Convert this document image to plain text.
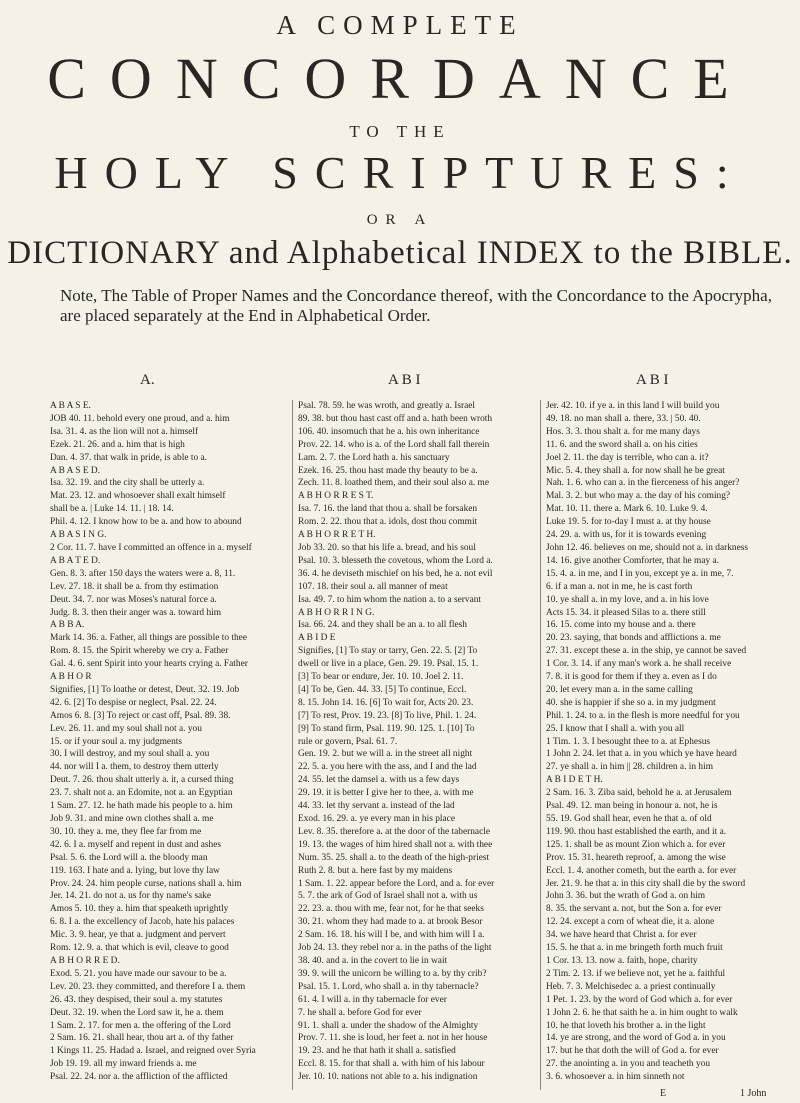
A COMPLETE
CONCORDANCE
TO THE
HOLY SCRIPTURES:
OR A
DICTIONARY and Alphabetical INDEX to the BIBLE.
Note, The Table of Proper Names and the Concordance thereof, with the Concordance to the Apocrypha, are placed separately at the End in Alphabetical Order.
A.	A B I	A B I
A B A S E.
JOB 40. 11. behold every one proud, and a. him
Isa. 31. 4. as the lion will not a. himself
Ezek. 21. 26. and a. him that is high
Dan. 4. 37. that walk in pride, is able to a.
A B A S E D.
Isa. 32. 19. and the city shall be utterly a.
Mat. 23. 12. and whosoever shall exalt himself
shall be a. | Luke 14. 11. | 18. 14.
Phil. 4. 12. I know how to be a. and how to abound
A B A S I N G.
2 Cor. 11. 7. have I committed an offence in a. myself
A B A T E D.
Gen. 8. 3. after 150 days the waters were a. 8, 11.
Lev. 27. 18. it shall be a. from thy estimation
Deut. 34. 7. nor was Moses's natural force a.
Judg. 8. 3. then their anger was a. toward him
A B B A.
Mark 14. 36. a. Father, all things are possible to thee
Rom. 8. 15. the Spirit whereby we cry a. Father
Gal. 4. 6. sent Spirit into your hearts crying a. Father
A B H O R
Signifies, [1] To loathe or detest, Deut. 32. 19. Job
42. 6. [2] To despise or neglect, Psal. 22. 24.
Amos 6. 8. [3] To reject or cast off, Psal. 89. 38.
Lev. 26. 11. and my soul shall not a. you
15. or if your soul a. my judgments
30. I will destroy, and my soul shall a. you
44. nor will I a. them, to destroy them utterly
Deut. 7. 26. thou shalt utterly a. it, a cursed thing
23. 7. shalt not a. an Edomite, not a. an Egyptian
1 Sam. 27. 12. he hath made his people to a. him
Job 9. 31. and mine own clothes shall a. me
30. 10. they a. me, they flee far from me
42. 6. I a. myself and repent in dust and ashes
Psal. 5. 6. the Lord will a. the bloody man
119. 163. I hate and a. lying, but love thy law
Prov. 24. 24. him people curse, nations shall a. him
Jer. 14. 21. do not a. us for thy name's sake
Amos 5. 10. they a. him that speaketh uprightly
6. 8. I a. the excellency of Jacob, hate his palaces
Mic. 3. 9. hear, ye that a. judgment and pervert
Rom. 12. 9. a. that which is evil, cleave to good
A B H O R R E D.
Exod. 5. 21. you have made our savour to be a.
Lev. 20. 23. they committed, and therefore I a. them
26. 43. they despised, their soul a. my statutes
Deut. 32. 19. when the Lord saw it, he a. them
1 Sam. 2. 17. for men a. the offering of the Lord
2 Sam. 16. 21. shall hear, thou art a. of thy father
1 Kings 11. 25. Hadad a. Israel, and reigned over Syria
Job 19. 19. all my inward friends a. me
Psal. 22. 24. nor a. the affliction of the afflicted
Psal. 78. 59. he was wroth, and greatly a. Israel
89. 38. but thou hast cast off and a. hath been wroth
106. 40. insomuch that he a. his own inheritance
Prov. 22. 14. who is a. of the Lord shall fall therein
Lam. 2. 7. the Lord hath a. his sanctuary
Ezek. 16. 25. thou hast made thy beauty to be a.
Zech. 11. 8. loathed them, and their soul also a. me
A B H O R R E S T.
Isa. 7. 16. the land that thou a. shall be forsaken
Rom. 2. 22. thou that a. idols, dost thou commit
A B H O R R E T H.
Job 33. 20. so that his life a. bread, and his soul
Psal. 10. 3. blesseth the covetous, whom the Lord a.
36. 4. he deviseth mischief on his bed, he a. not evil
107. 18. their soul a. all manner of meat
Isa. 49. 7. to him whom the nation a. to a servant
A B H O R R I N G.
Isa. 66. 24. and they shall be an a. to all flesh
A B I D E
Signifies, [1] To stay or tarry, Gen. 22. 5. [2] To
dwell or live in a place, Gen. 29. 19. Psal. 15. 1.
[3] To bear or endure, Jer. 10. 10. Joel 2. 11.
[4] To be, Gen. 44. 33. [5] To continue, Eccl.
8. 15. John 14. 16. [6] To wait for, Acts 20. 23.
[7] To rest, Prov. 19. 23. [8] To live, Phil. 1. 24.
[9] To stand firm, Psal. 119. 90. 125. 1. [10] To
rule or govern, Psal. 61. 7.
Gen. 19. 2. but we will a. in the street all night
22. 5. a. you here with the ass, and I and the lad
24. 55. let the damsel a. with us a few days
29. 19. it is better I give her to thee, a. with me
44. 33. let thy servant a. instead of the lad
Exod. 16. 29. a. ye every man in his place
Lev. 8. 35. therefore a. at the door of the tabernacle
19. 13. the wages of him hired shall not a. with thee
Num. 35. 25. shall a. to the death of the high-priest
Ruth 2. 8. but a. here fast by my maidens
1 Sam. 1. 22. appear before the Lord, and a. for ever
5. 7. the ark of God of Israel shall not a. with us
22. 23. a. thou with me, fear not, for he that seeks
30. 21. whom they had made to a. at brook Besor
2 Sam. 16. 18. his will I be, and with him will I a.
Job 24. 13. they rebel nor a. in the paths of the light
38. 40. and a. in the covert to lie in wait
39. 9. will the unicorn be willing to a. by thy crib?
Psal. 15. 1. Lord, who shall a. in thy tabernacle?
61. 4. I will a. in thy tabernacle for ever
7. he shall a. before God for ever
91. 1. shall a. under the shadow of the Almighty
Prov. 7. 11. she is loud, her feet a. not in her house
19. 23. and he that hath it shall a. satisfied
Eccl. 8. 15. for that shall a. with him of his labour
Jer. 10. 10. nations not able to a. his indignation
Jer. 42. 10. if ye a. in this land I will build you
49. 18. no man shall a. there, 33. | 50. 40.
Hos. 3. 3. thou shalt a. for me many days
11. 6. and the sword shall a. on his cities
Joel 2. 11. the day is terrible, who can a. it?
Mic. 5. 4. they shall a. for now shall he be great
Nah. 1. 6. who can a. in the fierceness of his anger?
Mal. 3. 2. but who may a. the day of his coming?
Mat. 10. 11. there a. Mark 6. 10. Luke 9. 4.
Luke 19. 5. for to-day I must a. at thy house
24. 29. a. with us, for it is towards evening
John 12. 46. believes on me, should not a. in darkness
14. 16. give another Comforter, that he may a.
15. 4. a. in me, and I in you, except ye a. in me, 7.
6. if a man a. not in me, he is cast forth
10. ye shall a. in my love, and a. in his love
Acts 15. 34. it pleased Silas to a. there still
16. 15. come into my house and a. there
20. 23. saying, that bonds and afflictions a. me
27. 31. except these a. in the ship, ye cannot be saved
1 Cor. 3. 14. if any man's work a. he shall receive
7. 8. it is good for them if they a. even as I do
20. let every man a. in the same calling
40. she is happier if she so a. in my judgment
Phil. 1. 24. to a. in the flesh is more needful for you
25. I know that I shall a. with you all
1 Tim. 1. 3. I besought thee to a. at Ephesus
1 John 2. 24. let that a. in you which ye have heard
27. ye shall a. in him || 28. children a. in him
A B I D E T H.
2 Sam. 16. 3. Ziba said, behold he a. at Jerusalem
Psal. 49. 12. man being in honour a. not, he is
55. 19. God shall hear, even he that a. of old
119. 90. thou hast established the earth, and it a.
125. 1. shall be as mount Zion which a. for ever
Prov. 15. 31. heareth reproof, a. among the wise
Eccl. 1. 4. another cometh, but the earth a. for ever
Jer. 21. 9. he that a. in this city shall die by the sword
John 3. 36. but the wrath of God a. on him
8. 35. the servant a. not, but the Son a. for ever
12. 24. except a corn of wheat die, it a. alone
34. we have heard that Christ a. for ever
15. 5. he that a. in me bringeth forth much fruit
1 Cor. 13. 13. now a. faith, hope, charity
2 Tim. 2. 13. if we believe not, yet he a. faithful
Heb. 7. 3. Melchisedec a. a priest continually
1 Pet. 1. 23. by the word of God which a. for ever
1 John 2. 6. he that saith he a. in him ought to walk
10. he that loveth his brother a. in the light
14. ye are strong, and the word of God a. in you
17. but he that doth the will of God a. for ever
27. the anointing a. in you and teacheth you
3. 6. whosoever a. in him sinneth not
E	1 John
